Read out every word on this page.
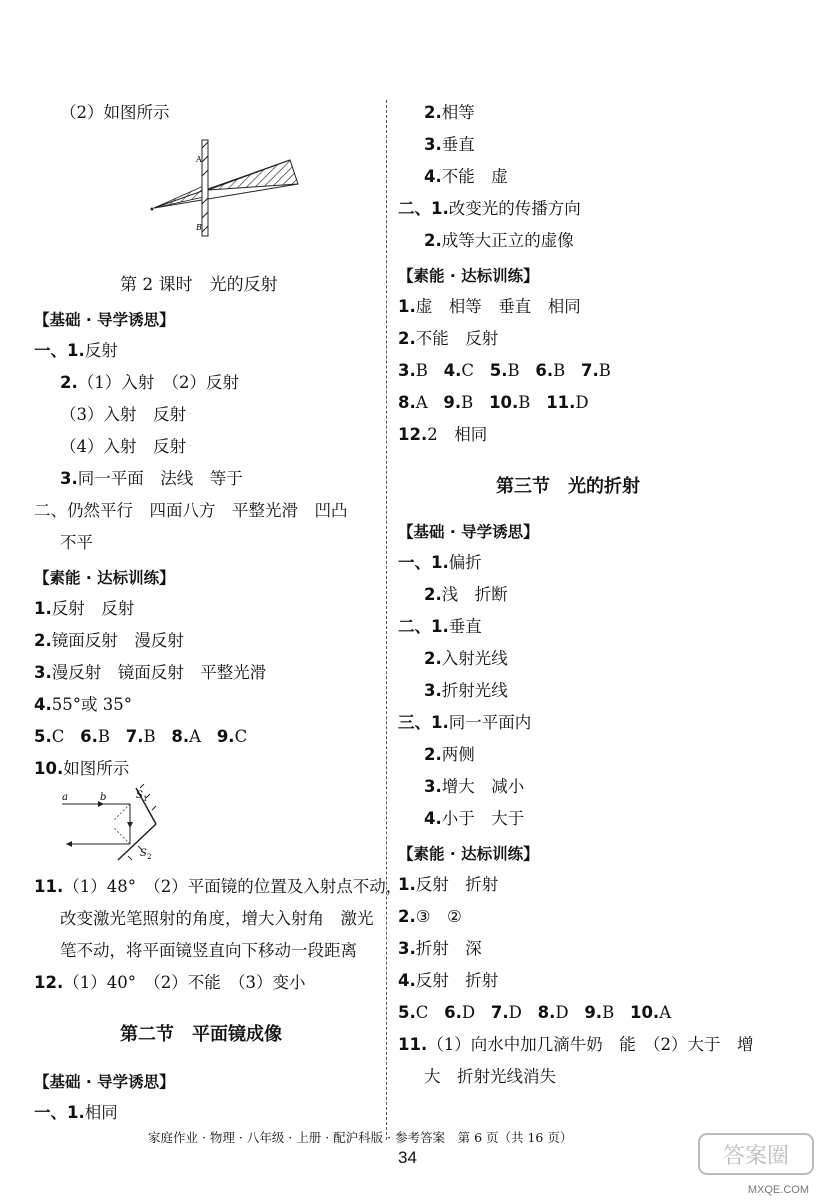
（2）如图所示
A
B
第 2 课时　光的反射
【基础 · 导学诱思】
一、1.反射
2.（1）入射　（2）反射
（3）入射　反射
（4）入射　反射
3.同一平面　法线　等于
二、仍然平行　四面八方　平整光滑　凹凸
不平
【素能 · 达标训练】
1.反射　反射
2.镜面反射　漫反射
3.漫反射　镜面反射　平整光滑
4.55°或 35°
5.C 6.B 7.B 8.A 9.C
10.如图所示
a	b	S 1
S 2
11.（1）48°　（2）平面镜的位置及入射点不动，
改变激光笔照射的角度，增大入射角　激光
笔不动，将平面镜竖直向下移动一段距离
12.（1）40°　（2）不能　（3）变小
第二节　平面镜成像
【基础 · 导学诱思】
一、1.相同
2.相等
3.垂直
4.不能　虚
二、1.改变光的传播方向
2.成等大正立的虚像
【素能 · 达标训练】
1.虚　相等　垂直　相同
2.不能　反射
3.B 4.C 5.B 6.B 7.B
8.A 9.B 10.B 11.D
12.2　相同
第三节　光的折射
【基础 · 导学诱思】
一、1.偏折
2.浅　折断
二、1.垂直
2.入射光线
3.折射光线
三、1.同一平面内
2.两侧
3.增大　减小
4.小于　大于
【素能 · 达标训练】
1.反射　折射
2.③　②
3.折射　深
4.反射　折射
5.C 6.D 7.D 8.D 9.B 10.A
11.（1）向水中加几滴牛奶　能　（2）大于　增
大　折射光线消失
家庭作业 · 物理 · 八年级 · 上册 · 配沪科版 · 参考答案　第 6 页（共 16 页）
34	答案圈
MXQE.COM
